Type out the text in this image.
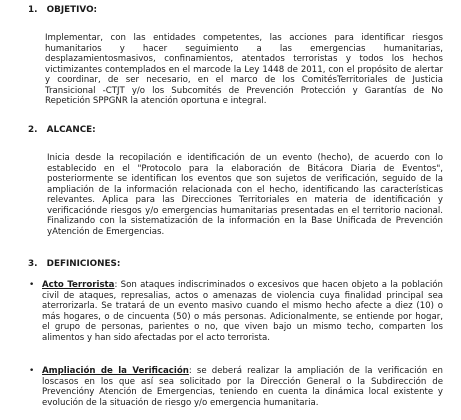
1. OBJETIVO:
Implementar, con las entidades competentes, las acciones para identificar riesgos humanitarios y hacer seguimiento a las emergencias humanitarias, desplazamientosmasivos, confinamientos, atentados terroristas y todos los hechos victimizantes contemplados en el marcode la Ley 1448 de 2011, con el propósito de alertar y coordinar, de ser necesario, en el marco de los ComitésTerritoriales de Justicia Transicional -CTJT y/o los Subcomités de Prevención Protección y Garantías de No Repetición SPPGNR la atención oportuna e integral.
2. ALCANCE:
Inicia desde la recopilación e identificación de un evento (hecho), de acuerdo con lo establecido en el "Protocolo para la elaboración de Bitácora Diaria de Eventos", posteriormente se identifican los eventos que son sujetos de verificación, seguido de la ampliación de la información relacionada con el hecho, identificando las características relevantes. Aplica para las Direcciones Territoriales en materia de identificación y verificaciónde riesgos y/o emergencias humanitarias presentadas en el territorio nacional. Finalizando con la sistematización de la información en la Base Unificada de Prevención yAtención de Emergencias.
3. DEFINICIONES:
• Acto Terrorista: Son ataques indiscriminados o excesivos que hacen objeto a la población civil de ataques, represalias, actos o amenazas de violencia cuya finalidad principal sea aterrorizarla. Se tratará de un evento masivo cuando el mismo hecho afecte a diez (10) o más hogares, o de cincuenta (50) o más personas. Adicionalmente, se entiende por hogar, el grupo de personas, parientes o no, que viven bajo un mismo techo, comparten los alimentos y han sido afectadas por el acto terrorista.
• Ampliación de la Verificación: se deberá realizar la ampliación de la verificación en loscasos en los que así sea solicitado por la Dirección General o la Subdirección de Prevencióny Atención de Emergencias, teniendo en cuenta la dinámica local existente y evolución de la situación de riesgo y/o emergencia humanitaria.
